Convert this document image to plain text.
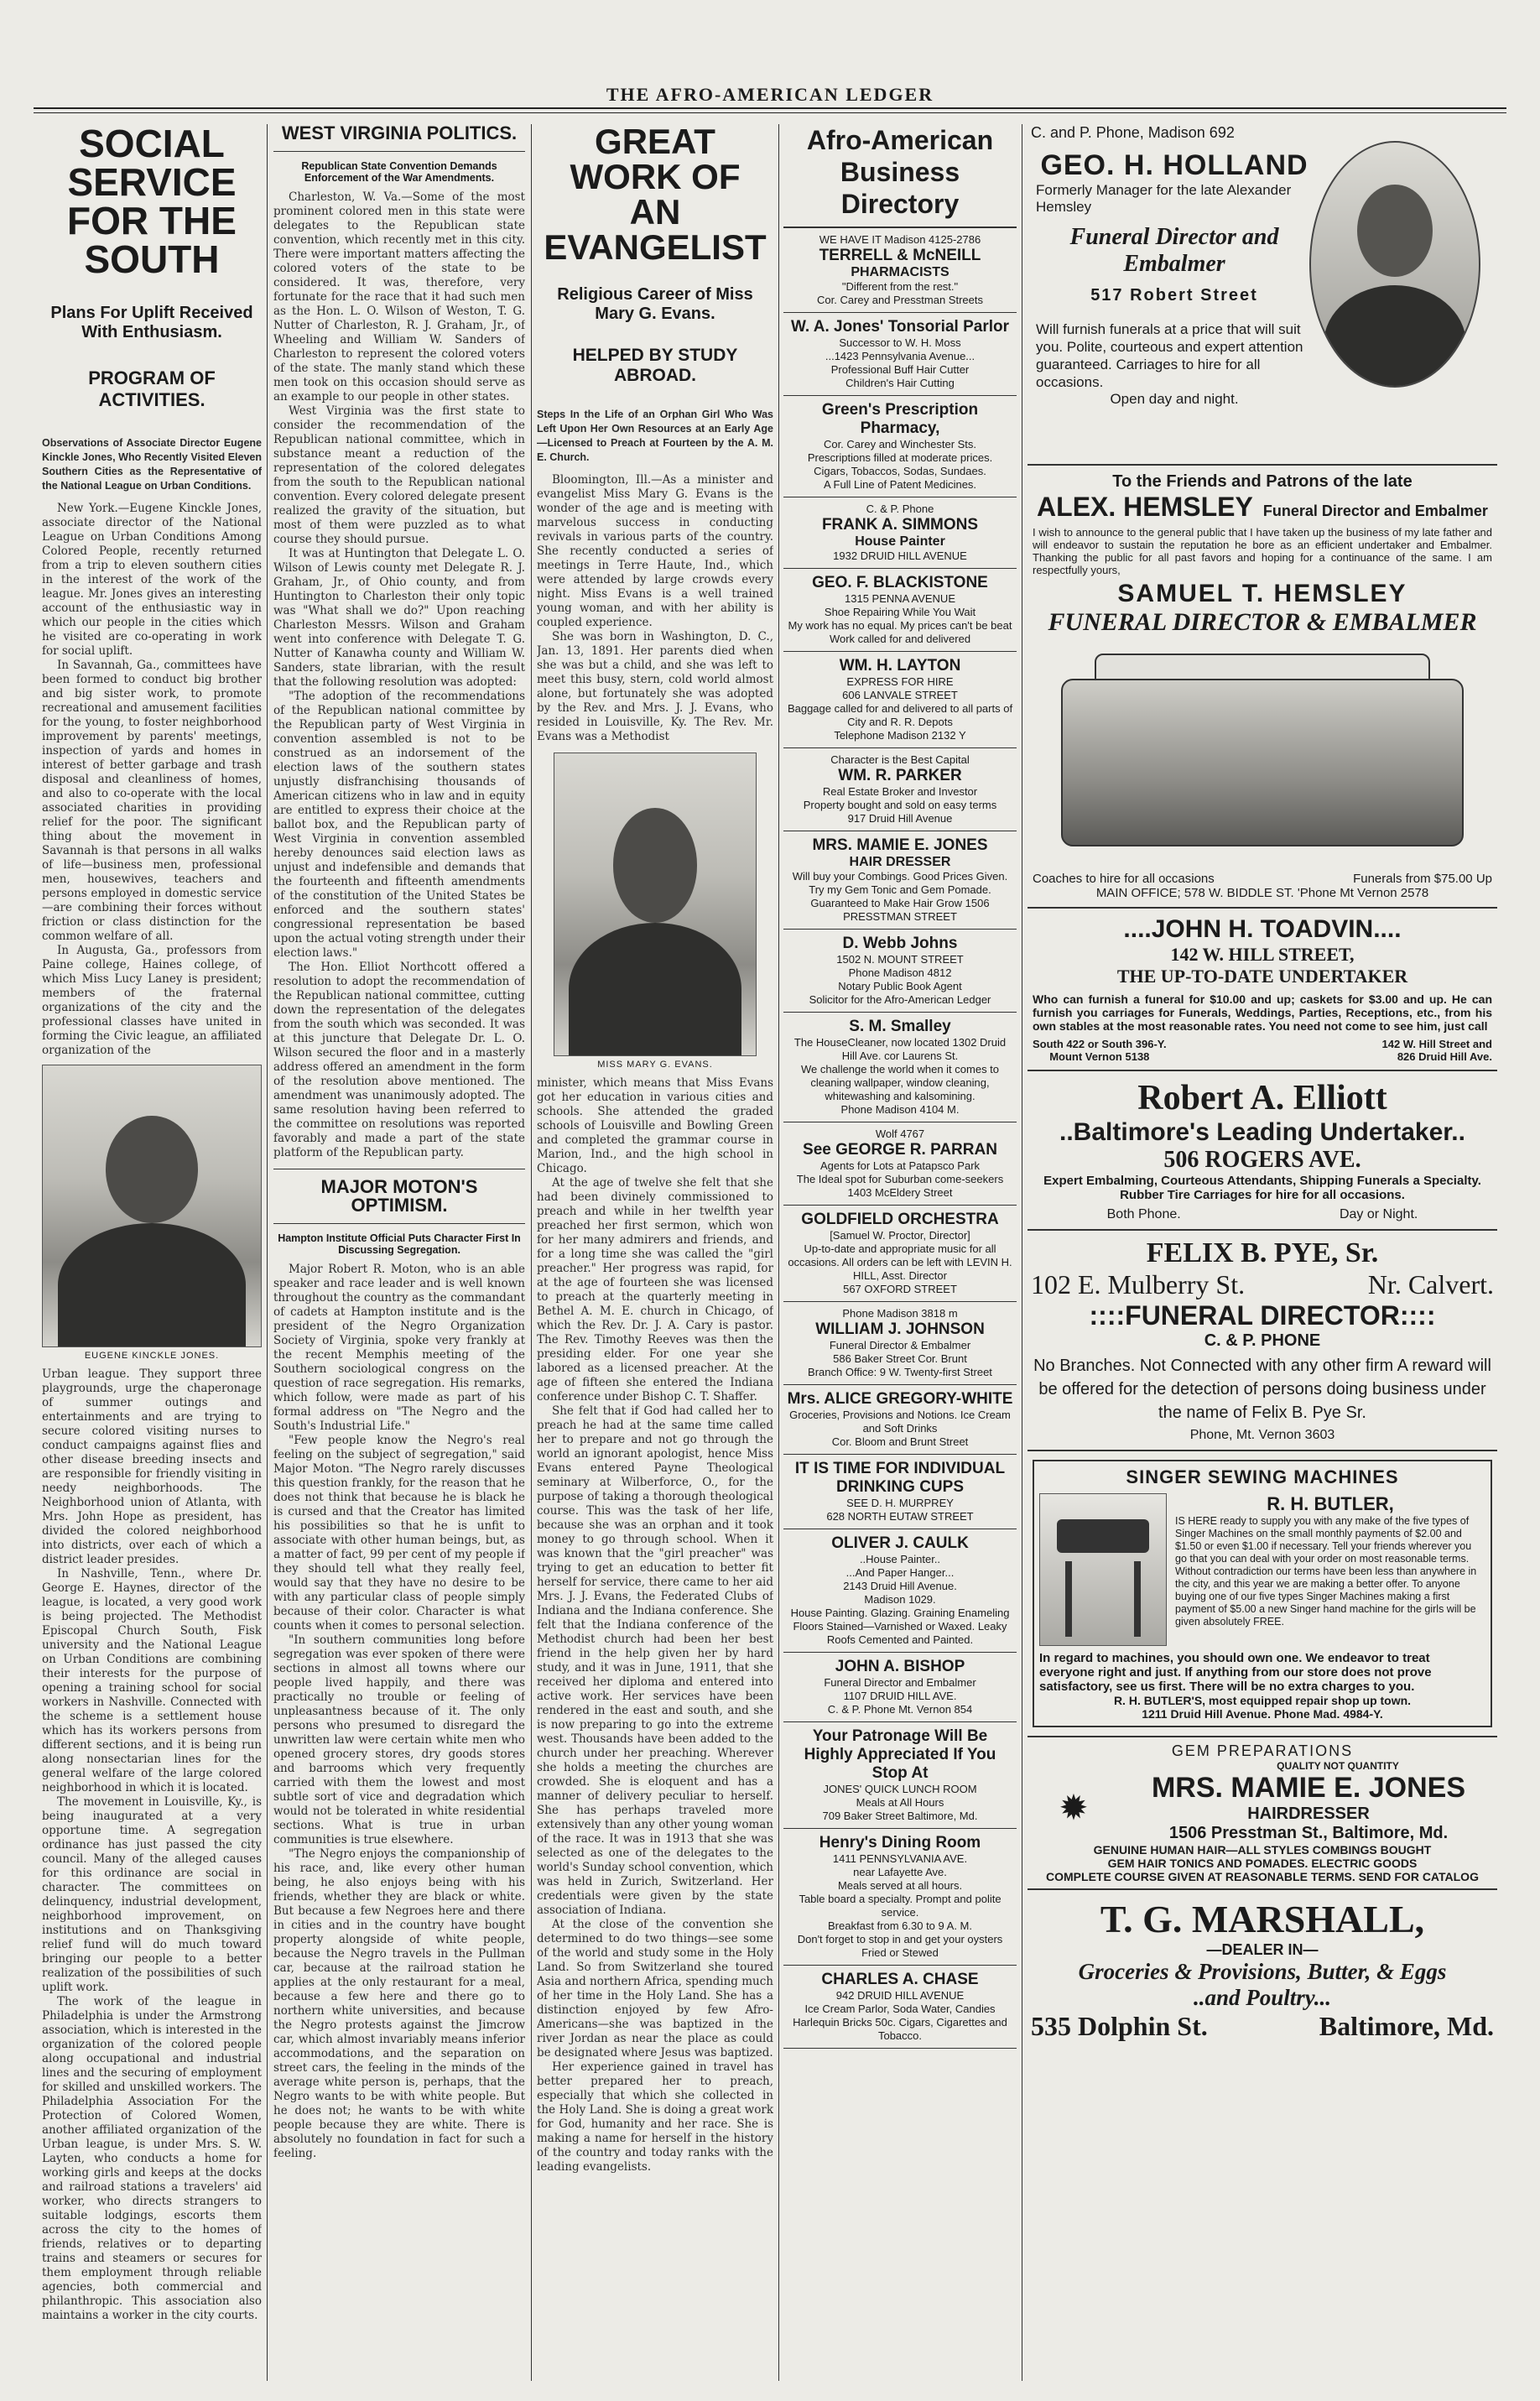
THE AFRO-AMERICAN LEDGER
SOCIAL SERVICE
FOR THE SOUTH
Plans For Uplift Received With Enthusiasm.
PROGRAM OF ACTIVITIES.
Observations of Associate Director Eugene Kinckle Jones, Who Recently Visited Eleven Southern Cities as the Representative of the National League on Urban Conditions.

New York.—Eugene Kinckle Jones, associate director of the National League on Urban Conditions Among Colored People, recently returned from a trip to eleven southern cities in the interest of the work of the league. Mr. Jones gives an interesting account of the enthusiastic way in which our people in the cities which he visited are co-operating in work for social uplift.

In Savannah, Ga., committees have been formed to conduct big brother and big sister work, to promote recreational and amusement facilities for the young, to foster neighborhood improvement by parents' meetings, inspection of yards and homes in interest of better garbage and trash disposal and cleanliness of homes, and also to co-operate with the local associated charities in providing relief for the poor. The significant thing about the movement in Savannah is that persons in all walks of life—business men, professional men, housewives, teachers and persons employed in domestic service—are combining their forces without friction or class distinction for the common welfare of all.

In Augusta, Ga., professors from Paine college, Haines college, of which Miss Lucy Laney is president; members of the fraternal organizations of the city and the professional classes have united in forming the Civic league, an affiliated organization of the

EUGENE KINCKLE JONES.

Urban league. They support three playgrounds, urge the chaperonage of summer outings and entertainments and are trying to secure colored visiting nurses to conduct campaigns against flies and other disease breeding insects and are responsible for friendly visiting in needy neighborhoods. The Neighborhood union of Atlanta, with Mrs. John Hope as president, has divided the colored neighborhood into districts, over each of which a district leader presides.

In Nashville, Tenn., where Dr. George E. Haynes, director of the league, is located, a very good work is being projected. The Methodist Episcopal Church South, Fisk university and the National League on Urban Conditions are combining their interests for the purpose of opening a training school for social workers in Nashville. Connected with the scheme is a settlement house which has its workers persons from different sections, and it is being run along nonsectarian lines for the general welfare of the large colored neighborhood in which it is located.

The movement in Louisville, Ky., is being inaugurated at a very opportune time. A segregation ordinance has just passed the city council. Many of the alleged causes for this ordinance are social in character. The committees on delinquency, industrial development, neighborhood improvement, on institutions and on Thanksgiving relief fund will do much toward bringing our people to a better realization of the possibilities of such uplift work.

The work of the league in Philadelphia is under the Armstrong association, which is interested in the organization of the colored people along occupational and industrial lines and the securing of employment for skilled and unskilled workers. The Philadelphia Association For the Protection of Colored Women, another affiliated organization of the Urban league, is under Mrs. S. W. Layten, who conducts a home for working girls and keeps at the docks and railroad stations a travelers' aid worker, who directs strangers to suitable lodgings, escorts them across the city to the homes of friends, relatives or to departing trains and steamers or secures for them employment through reliable agencies, both commercial and philanthropic. This association also maintains a worker in the city courts.

WEST VIRGINIA POLITICS.
Republican State Convention Demands Enforcement of the War Amendments.

Charleston, W. Va.—Some of the most prominent colored men in this state were delegates to the Republican state convention, which recently met in this city. There were important matters affecting the colored voters of the state to be considered. It was, therefore, very fortunate for the race that it had such men as the Hon. L. O. Wilson of Weston, T. G. Nutter of Charleston, R. J. Graham, Jr., of Wheeling and William W. Sanders of Charleston to represent the colored voters of the state. The manly stand which these men took on this occasion should serve as an example to our people in other states.

West Virginia was the first state to consider the recommendation of the Republican national committee, which in substance meant a reduction of the representation of the colored delegates from the south to the Republican national convention. Every colored delegate present realized the gravity of the situation, but most of them were puzzled as to what course they should pursue.

It was at Huntington that Delegate L. O. Wilson of Lewis county met Delegate R. J. Graham, Jr., of Ohio county, and from Huntington to Charleston their only topic was "What shall we do?" Upon reaching Charleston Messrs. Wilson and Graham went into conference with Delegate T. G. Nutter of Kanawha county and William W. Sanders, state librarian, with the result that the following resolution was adopted:

"The adoption of the recommendations of the Republican national committee by the Republican party of West Virginia in convention assembled is not to be construed as an indorsement of the election laws of the southern states unjustly disfranchising thousands of American citizens who in law and in equity are entitled to express their choice at the ballot box, and the Republican party of West Virginia in convention assembled hereby denounces said election laws as unjust and indefensible and demands that the fourteenth and fifteenth amendments of the constitution of the United States be enforced and the southern states' congressional representation be based upon the actual voting strength under their election laws."

The Hon. Elliot Northcott offered a resolution to adopt the recommendation of the Republican national committee, cutting down the representation of the delegates from the south which was seconded. It was at this juncture that Delegate Dr. L. O. Wilson secured the floor and in a masterly address offered an amendment in the form of the resolution above mentioned. The amendment was unanimously adopted. The same resolution having been referred to the committee on resolutions was reported favorably and made a part of the state platform of the Republican party.

MAJOR MOTON'S OPTIMISM.
Hampton Institute Official Puts Character First In Discussing Segregation.

Major Robert R. Moton, who is an able speaker and race leader and is well known throughout the country as the commandant of cadets at Hampton institute and is the president of the Negro Organization Society of Virginia, spoke very frankly at the recent Memphis meeting of the Southern sociological congress on the question of race segregation. His remarks, which follow, were made as part of his formal address on "The Negro and the South's Industrial Life."

"Few people know the Negro's real feeling on the subject of segregation," said Major Moton. "The Negro rarely discusses this question frankly, for the reason that he does not think that because he is black he is cursed and that the Creator has limited his possibilities so that he is unfit to associate with other human beings, but, as a matter of fact, 99 per cent of my people if they should tell what they really feel, would say that they have no desire to be with any particular class of people simply because of their color. Character is what counts when it comes to personal selection.

"In southern communities long before segregation was ever spoken of there were sections in almost all towns where our people lived happily, and there was practically no trouble or feeling of unpleasantness because of it. The only persons who presumed to disregard the unwritten law were certain white men who opened grocery stores, dry goods stores and barrooms which very frequently carried with them the lowest and most subtle sort of vice and degradation which would not be tolerated in white residential sections. What is true in urban communities is true elsewhere.

"The Negro enjoys the companionship of his race, and, like every other human being, he also enjoys being with his friends, whether they are black or white. But because a few Negroes here and there in cities and in the country have bought property alongside of white people, because the Negro travels in the Pullman car, because at the railroad station he applies at the only restaurant for a meal, because a few here and there go to northern white universities, and because the Negro protests against the Jimcrow car, which almost invariably means inferior accommodations, and the separation on street cars, the feeling in the minds of the average white person is, perhaps, that the Negro wants to be with white people. But he does not; he wants to be with white people because they are white. There is absolutely no foundation in fact for such a feeling.

GREAT WORK OF
AN EVANGELIST
Religious Career of Miss Mary G. Evans.
HELPED BY STUDY ABROAD.
Steps In the Life of an Orphan Girl Who Was Left Upon Her Own Resources at an Early Age—Licensed to Preach at Fourteen by the A. M. E. Church.

Bloomington, Ill.—As a minister and evangelist Miss Mary G. Evans is the wonder of the age and is meeting with marvelous success in conducting revivals in various parts of the country. She recently conducted a series of meetings in Terre Haute, Ind., which were attended by large crowds every night. Miss Evans is a well trained young woman, and with her ability is coupled experience.

She was born in Washington, D. C., Jan. 13, 1891. Her parents died when she was but a child, and she was left to meet this busy, stern, cold world almost alone, but fortunately she was adopted by the Rev. and Mrs. J. J. Evans, who resided in Louisville, Ky. The Rev. Mr. Evans was a Methodist

MISS MARY G. EVANS.

minister, which means that Miss Evans got her education in various cities and schools. She attended the graded schools of Louisville and Bowling Green and completed the grammar course in Marion, Ind., and the high school in Chicago.

At the age of twelve she felt that she had been divinely commissioned to preach and while in her twelfth year preached her first sermon, which won for her many admirers and friends, and for a long time she was called the "girl preacher." Her progress was rapid, for at the age of fourteen she was licensed to preach at the quarterly meeting in Bethel A. M. E. church in Chicago, of which the Rev. Dr. J. A. Cary is pastor. The Rev. Timothy Reeves was then the presiding elder. For one year she labored as a licensed preacher. At the age of fifteen she entered the Indiana conference under Bishop C. T. Shaffer.

She felt that if God had called her to preach he had at the same time called her to prepare and not go through the world an ignorant apologist, hence Miss Evans entered Payne Theological seminary at Wilberforce, O., for the purpose of taking a thorough theological course. This was the task of her life, because she was an orphan and it took money to go through school. When it was known that the "girl preacher" was trying to get an education to better fit herself for service, there came to her aid Mrs. J. J. Evans, the Federated Clubs of Indiana and the Indiana conference. She felt that the Indiana conference of the Methodist church had been her best friend in the help given her by hard study, and it was in June, 1911, that she received her diploma and entered into active work. Her services have been rendered in the east and south, and she is now preparing to go into the extreme west. Thousands have been added to the church under her preaching. Wherever she holds a meeting the churches are crowded. She is eloquent and has a manner of delivery peculiar to herself. She has perhaps traveled more extensively than any other young woman of the race. It was in 1913 that she was selected as one of the delegates to the world's Sunday school convention, which was held in Zurich, Switzerland. Her credentials were given by the state association of Indiana.

At the close of the convention she determined to do two things—see some of the world and study some in the Holy Land. So from Switzerland she toured Asia and northern Africa, spending much of her time in the Holy Land. She has a distinction enjoyed by few Afro-Americans—she was baptized in the river Jordan as near the place as could be designated where Jesus was baptized.

Her experience gained in travel has better prepared her to preach, especially that which she collected in the Holy Land. She is doing a great work for God, humanity and her race. She is making a name for herself in the history of the country and today ranks with the leading evangelists.

Afro-American
Business Directory
WE HAVE IT Madison 4125-2786
TERRELL & McNEILL
PHARMACISTS
"Different from the rest."
Cor. Carey and Presstman Streets
W. A. Jones' Tonsorial Parlor
Successor to W. H. Moss
...1423 Pennsylvania Avenue...
Professional Buff Hair Cutter
Children's Hair Cutting
Green's Prescription Pharmacy,
Cor. Carey and Winchester Sts.
Prescriptions filled at moderate prices.
Cigars, Tobaccos, Sodas, Sundaes.
A Full Line of Patent Medicines.
C. & P. Phone
FRANK A. SIMMONS
House Painter
1932 DRUID HILL AVENUE
GEO. F. BLACKISTONE
1315 PENNA AVENUE
Shoe Repairing While You Wait
My work has no equal. My prices can't be beat
Work called for and delivered
WM. H. LAYTON
EXPRESS FOR HIRE
606 LANVALE STREET
Baggage called for and delivered to all parts of City and R. R. Depots
Telephone Madison 2132 Y
Character is the Best Capital
WM. R. PARKER
Real Estate Broker and Investor
Property bought and sold on easy terms
917 Druid Hill Avenue
MRS. MAMIE E. JONES
HAIR DRESSER
Will buy your Combings. Good Prices Given. Try my Gem Tonic and Gem Pomade. Guaranteed to Make Hair Grow 1506 PRESSTMAN STREET
D. Webb Johns
1502 N. MOUNT STREET
Phone Madison 4812
Notary Public Book Agent
Solicitor for the Afro-American Ledger
S. M. Smalley
The HouseCleaner, now located 1302 Druid Hill Ave. cor Laurens St.
We challenge the world when it comes to cleaning wallpaper, window cleaning, whitewashing and kalsomining.
Phone Madison 4104 M.
Wolf 4767
See GEORGE R. PARRAN
Agents for Lots at Patapsco Park
The Ideal spot for Suburban come-seekers
1403 McEldery Street
GOLDFIELD ORCHESTRA
[Samuel W. Proctor, Director]
Up-to-date and appropriate music for all occasions. All orders can be left with LEVIN H. HILL, Asst. Director
567 OXFORD STREET
Phone Madison 3818 m
WILLIAM J. JOHNSON
Funeral Director & Embalmer
586 Baker Street Cor. Brunt
Branch Office: 9 W. Twenty-first Street
Mrs. ALICE GREGORY-WHITE
Groceries, Provisions and Notions. Ice Cream and Soft Drinks
Cor. Bloom and Brunt Street
IT IS TIME FOR INDIVIDUAL DRINKING CUPS
SEE D. H. MURPREY
628 NORTH EUTAW STREET
OLIVER J. CAULK
..House Painter..
...And Paper Hanger...
2143 Druid Hill Avenue.
Madison 1029.
House Painting. Glazing. Graining Enameling Floors Stained—Varnished or Waxed. Leaky Roofs Cemented and Painted.
JOHN A. BISHOP
Funeral Director and Embalmer
1107 DRUID HILL AVE.
C. & P. Phone Mt. Vernon 854
Your Patronage Will Be Highly Appreciated If You Stop At
JONES' QUICK LUNCH ROOM
Meals at All Hours
709 Baker Street Baltimore, Md.
Henry's Dining Room
1411 PENNSYLVANIA AVE.
near Lafayette Ave.
Meals served at all hours.
Table board a specialty. Prompt and polite service.
Breakfast from 6.30 to 9 A. M.
Don't forget to stop in and get your oysters Fried or Stewed
CHARLES A. CHASE
942 DRUID HILL AVENUE
Ice Cream Parlor, Soda Water, Candies Harlequin Bricks 50c. Cigars, Cigarettes and Tobacco.
C. and P. Phone, Madison 692
GEO. H. HOLLAND
Formerly Manager for the late Alexander Hemsley
Funeral Director and Embalmer
517 Robert Street
Will furnish funerals at a price that will suit you. Polite, courteous and expert attention guaranteed. Carriages to hire for all occasions.
Open day and night.
To the Friends and Patrons of the late
ALEX. HEMSLEY Funeral Director and Embalmer
I wish to announce to the general public that I have taken up the business of my late father and will endeavor to sustain the reputation he bore as an efficient undertaker and Embalmer. Thanking the public for all past favors and hoping for a continuance of the same. I am respectfully yours,
SAMUEL T. HEMSLEY
FUNERAL DIRECTOR & EMBALMER
Coaches to hire for all occasions	Funerals from $75.00 Up
MAIN OFFICE; 578 W. BIDDLE ST. 'Phone Mt Vernon 2578
....JOHN H. TOADVIN....
142 W. HILL STREET,
THE UP-TO-DATE UNDERTAKER
Who can furnish a funeral for $10.00 and up; caskets for $3.00 and up. He can furnish you carriages for Funerals, Weddings, Parties, Receptions, etc., from his own stables at the most reasonable rates. You need not come to see him, just call
South 422 or South 396-Y.
Mount Vernon 5138
142 W. Hill Street and
826 Druid Hill Ave.
Robert A. Elliott
..Baltimore's Leading Undertaker..
506 ROGERS AVE.
Expert Embalming, Courteous Attendants, Shipping Funerals a Specialty. Rubber Tire Carriages for hire for all occasions.
Both Phone.	Day or Night.
FELIX B. PYE, Sr.
102 E. Mulberry St.	Nr. Calvert.
::::FUNERAL DIRECTOR::::
C. & P. PHONE
No Branches. Not Connected with any other firm A reward will be offered for the detection of persons doing business under the name of Felix B. Pye Sr.
Phone, Mt. Vernon 3603
SINGER SEWING MACHINES
R. H. BUTLER,
IS HERE ready to supply you with any make of the five types of Singer Machines on the small monthly payments of $2.00 and $1.50 or even $1.00 if necessary. Tell your friends wherever you go that you can deal with your order on most reasonable terms. Without contradiction our terms have been less than anywhere in the city, and this year we are making a better offer. To anyone buying one of our five types Singer Machines making a first payment of $5.00 a new Singer hand machine for the girls will be given absolutely FREE.
In regard to machines, you should own one. We endeavor to treat everyone right and just. If anything from our store does not prove satisfactory, see us first. There will be no extra charges to you.
R. H. BUTLER'S, most equipped repair shop up town.
1211 Druid Hill Avenue. Phone Mad. 4984-Y.
GEM PREPARATIONS
QUALITY NOT QUANTITY
✹	MRS. MAMIE E. JONES
HAIRDRESSER
1506 Presstman St., Baltimore, Md.
GENUINE HUMAN HAIR—ALL STYLES COMBINGS BOUGHT
GEM HAIR TONICS AND POMADES. ELECTRIC GOODS
COMPLETE COURSE GIVEN AT REASONABLE TERMS. SEND FOR CATALOG
T. G. MARSHALL,
—DEALER IN—
Groceries & Provisions, Butter, & Eggs
..and Poultry...
535 Dolphin St.	Baltimore, Md.
